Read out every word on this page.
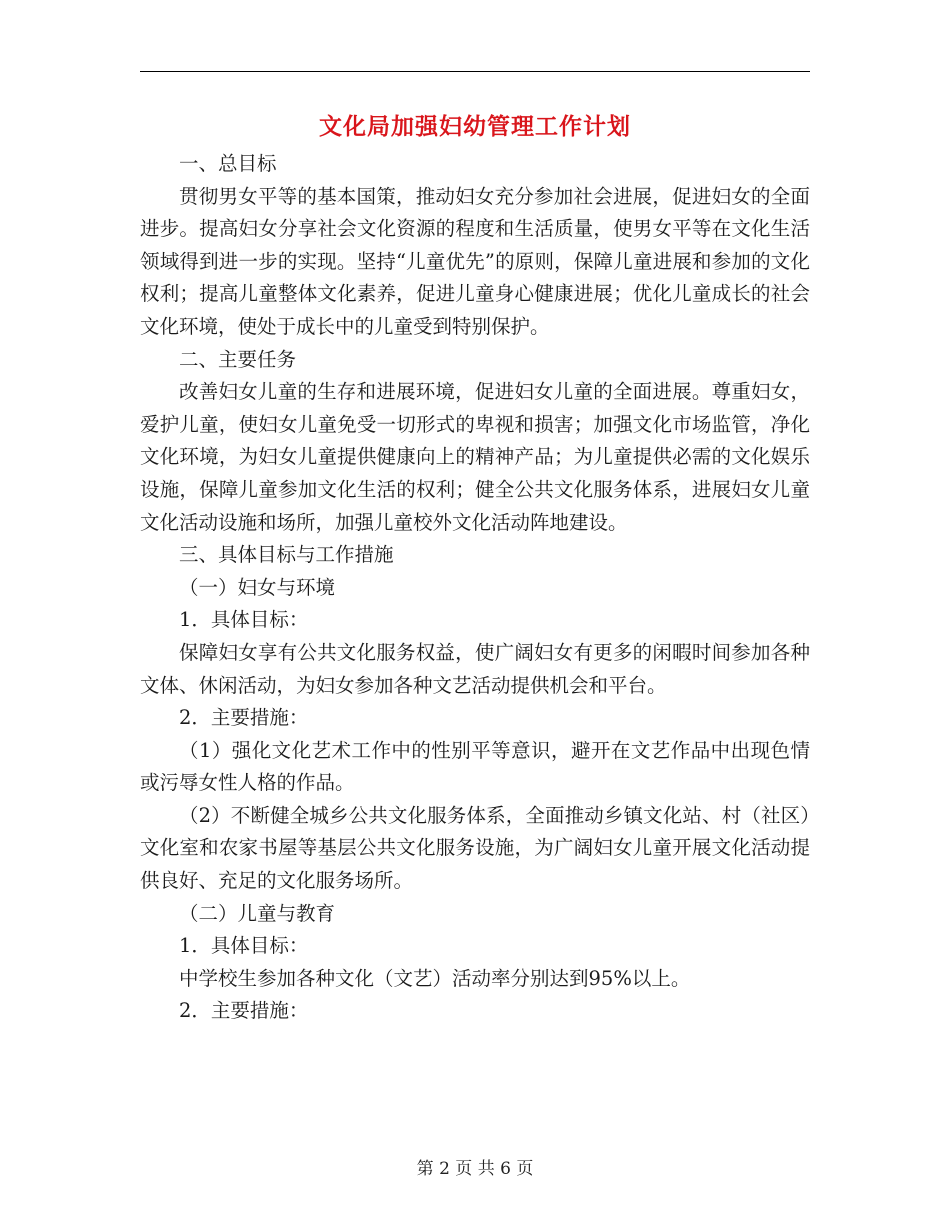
文化局加强妇幼管理工作计划

一、总目标

贯彻男女平等的基本国策，推动妇女充分参加社会进展，促进妇女的全面进步。提高妇女分享社会文化资源的程度和生活质量，使男女平等在文化生活领域得到进一步的实现。坚持“儿童优先”的原则，保障儿童进展和参加的文化权利；提高儿童整体文化素养，促进儿童身心健康进展；优化儿童成长的社会文化环境，使处于成长中的儿童受到特别保护。

二、主要任务

改善妇女儿童的生存和进展环境，促进妇女儿童的全面进展。尊重妇女，爱护儿童，使妇女儿童免受一切形式的卑视和损害；加强文化市场监管，净化文化环境，为妇女儿童提供健康向上的精神产品；为儿童提供必需的文化娱乐设施，保障儿童参加文化生活的权利；健全公共文化服务体系，进展妇女儿童文化活动设施和场所，加强儿童校外文化活动阵地建设。

三、具体目标与工作措施

（一）妇女与环境

1．具体目标：

保障妇女享有公共文化服务权益，使广阔妇女有更多的闲暇时间参加各种文体、休闲活动，为妇女参加各种文艺活动提供机会和平台。

2．主要措施：

（1）强化文化艺术工作中的性别平等意识，避开在文艺作品中出现色情或污辱女性人格的作品。

（2）不断健全城乡公共文化服务体系，全面推动乡镇文化站、村（社区）文化室和农家书屋等基层公共文化服务设施，为广阔妇女儿童开展文化活动提供良好、充足的文化服务场所。

（二）儿童与教育

1．具体目标：

中学校生参加各种文化（文艺）活动率分别达到95%以上。

2．主要措施：

第 2 页 共 6 页
